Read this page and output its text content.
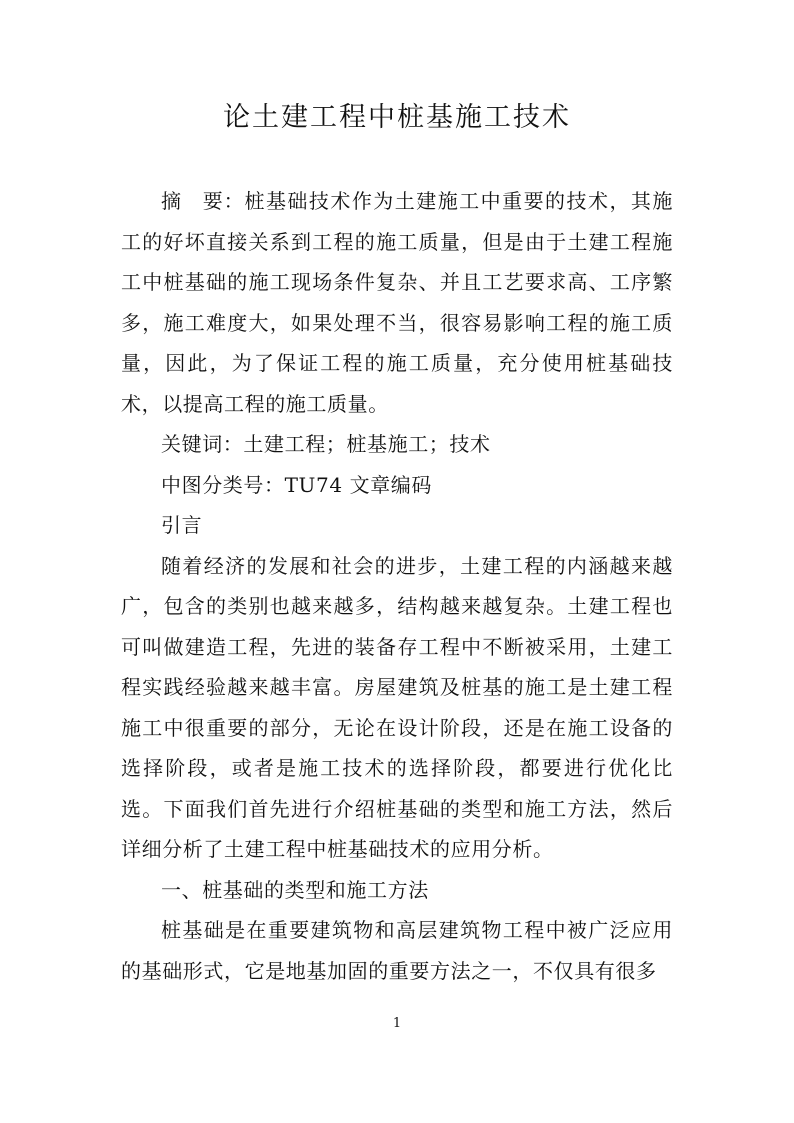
论土建工程中桩基施工技术

摘　要：桩基础技术作为土建施工中重要的技术，其施工的好坏直接关系到工程的施工质量，但是由于土建工程施工中桩基础的施工现场条件复杂、并且工艺要求高、工序繁多，施工难度大，如果处理不当，很容易影响工程的施工质量，因此，为了保证工程的施工质量，充分使用桩基础技术，以提高工程的施工质量。

关键词：土建工程；桩基施工；技术

中图分类号：TU74 文章编码

引言

随着经济的发展和社会的进步，土建工程的内涵越来越广，包含的类别也越来越多，结构越来越复杂。土建工程也可叫做建造工程，先进的装备存工程中不断被采用，土建工程实践经验越来越丰富。房屋建筑及桩基的施工是土建工程施工中很重要的部分，无论在设计阶段，还是在施工设备的选择阶段，或者是施工技术的选择阶段，都要进行优化比选。下面我们首先进行介绍桩基础的类型和施工方法，然后详细分析了土建工程中桩基础技术的应用分析。

一、桩基础的类型和施工方法

桩基础是在重要建筑物和高层建筑物工程中被广泛应用的基础形式，它是地基加固的重要方法之一，不仅具有很多

1
